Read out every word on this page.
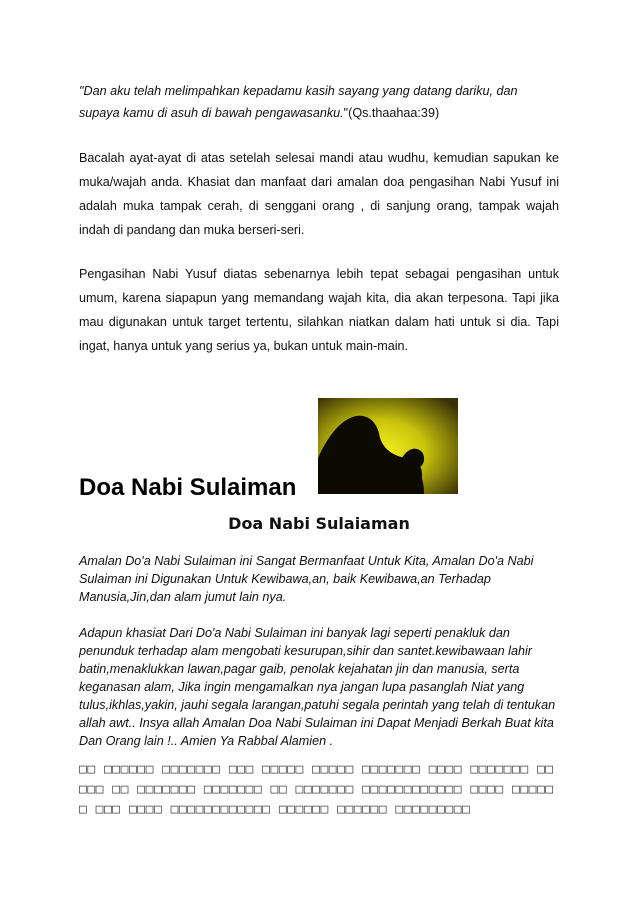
"Dan aku telah melimpahkan kepadamu kasih sayang yang datang dariku, dan supaya kamu di asuh di bawah pengawasanku."(Qs.thaahaa:39)
Bacalah ayat-ayat di atas setelah selesai mandi atau wudhu, kemudian sapukan ke muka/wajah anda. Khasiat dan manfaat dari amalan doa pengasihan Nabi Yusuf ini adalah muka tampak cerah, di senggani orang , di sanjung orang, tampak wajah indah di pandang dan muka berseri-seri.
Pengasihan Nabi Yusuf diatas sebenarnya lebih tepat sebagai pengasihan untuk umum, karena siapapun yang memandang wajah kita, dia akan terpesona. Tapi jika mau digunakan untuk target tertentu, silahkan niatkan dalam hati untuk si dia. Tapi ingat, hanya untuk yang serius ya, bukan untuk main-main.
Doa Nabi Sulaiman
Doa Nabi Sulaiaman
Amalan Do'a Nabi Sulaiman ini Sangat Bermanfaat Untuk Kita, Amalan Do'a Nabi Sulaiman ini Digunakan Untuk Kewibawa,an, baik Kewibawa,an Terhadap Manusia,Jin,dan alam jumut lain nya.
Adapun khasiat Dari Do'a Nabi Sulaiman ini banyak lagi seperti penakluk dan penunduk terhadap alam mengobati kesurupan,sihir dan santet.kewibawaan lahir batin,menaklukkan lawan,pagar gaib, penolak kejahatan jin dan manusia, serta keganasan alam, Jika ingin mengamalkan nya jangan lupa pasanglah Niat yang tulus,ikhlas,yakin, jauhi segala larangan,patuhi segala perintah yang telah di tentukan allah awt.. Insya allah Amalan Doa Nabi Sulaiman ini Dapat Menjadi Berkah Buat kita Dan Orang lain !.. Amien Ya Rabbal Alamien .
□□ □□□□□□ □□□□□□□ □□□ □□□□□ □□□□□ □□□□□□□ □□□□ □□□□□□□ □□ □□□ □□ □□□□□□□ □□□□□□□ □□ □□□□□□□ □□□□□□□□□□□□ □□□□ □□□□□□ □□□ □□□□ □□□□□□□□□□□□ □□□□□□ □□□□□□ □□□□□□□□□
